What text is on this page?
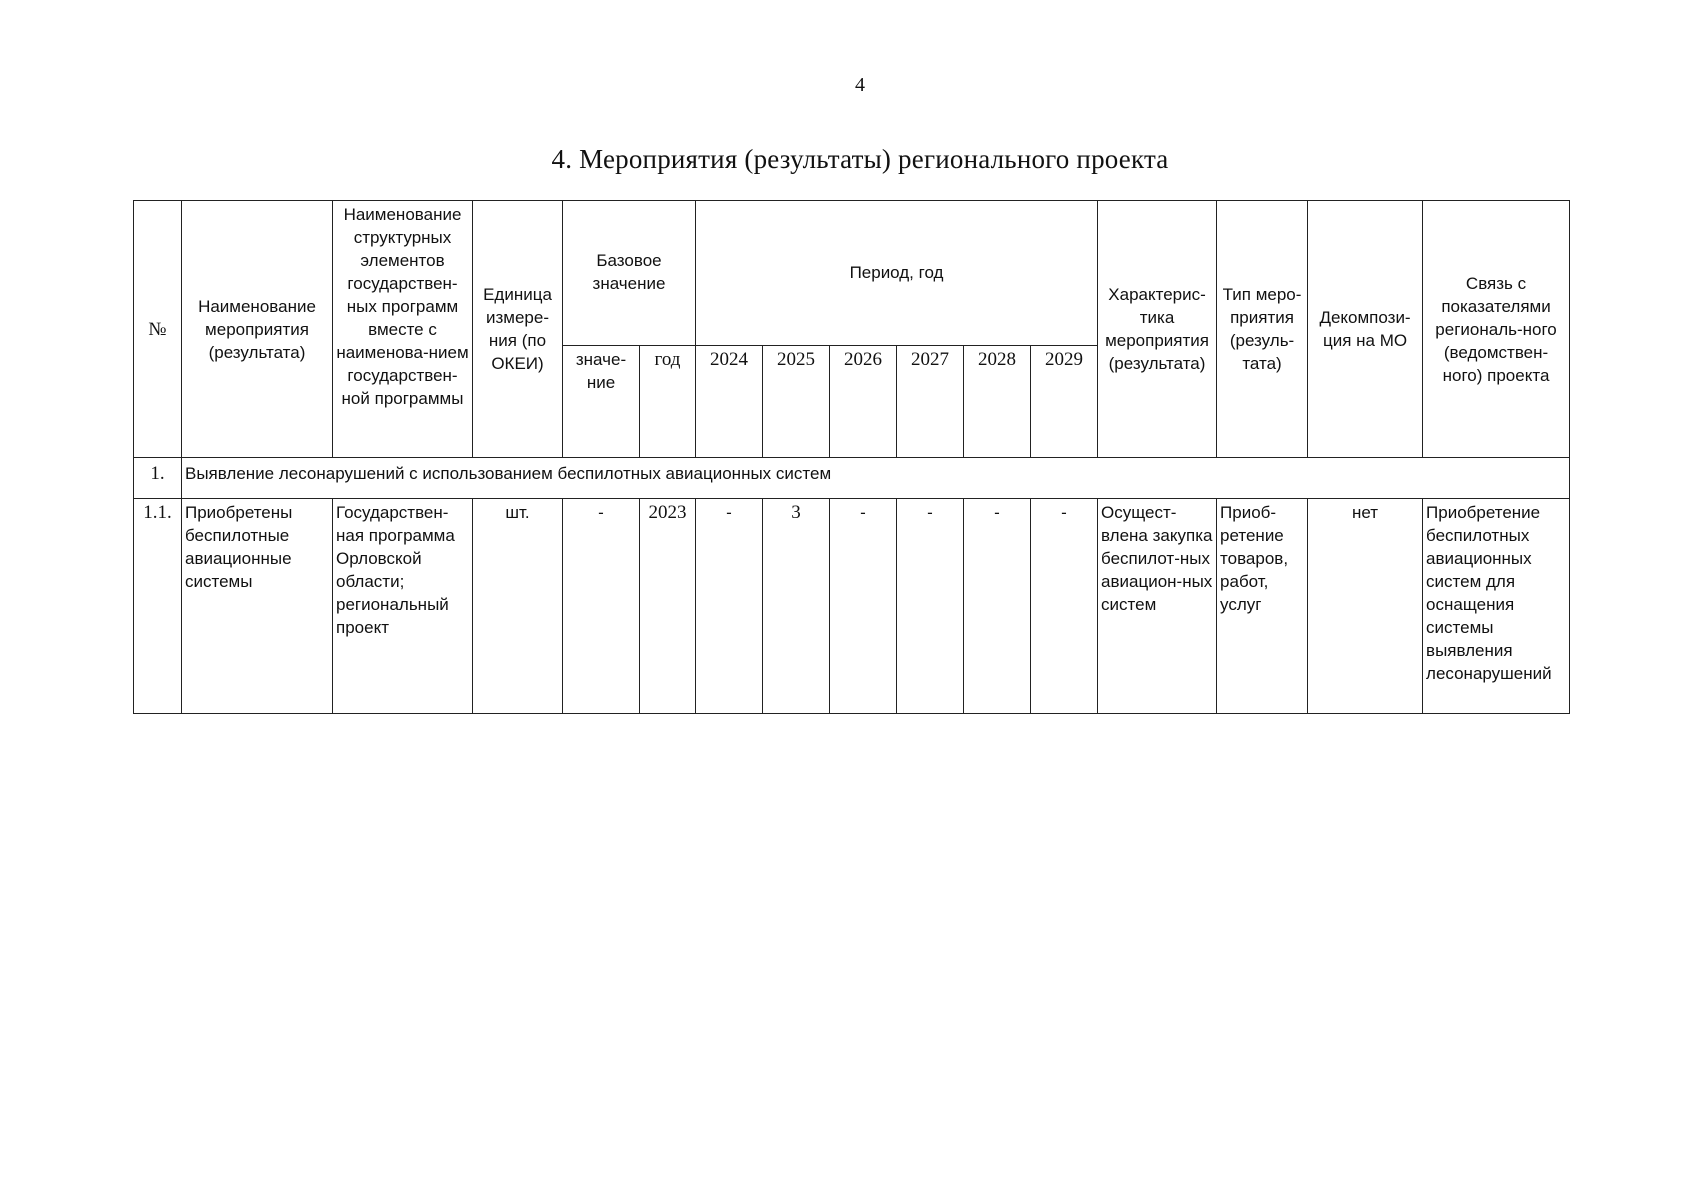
4
4. Мероприятия (результаты) регионального проекта
№	Наименование мероприятия (результата)	Наименование структурных элементов государствен-ных программ вместе с наименова-нием государствен-ной программы	Единица измере-ния (по ОКЕИ)	Базовое значение		Период, год						Характерис-тика мероприятия (результата)	Тип меро-приятия (резуль-тата)	Декомпози-ция на МО	Связь с показателями региональ-ного (ведомствен-ного) проекта
				значе-ние	год	2024	2025	2026	2027	2028	2029				
1.	Выявление лесонарушений с использованием беспилотных авиационных систем														
1.1.	Приобретены беспилотные авиационные системы	Государствен-ная программа Орловской области; региональный проект	шт.	-	2023	-	3	-	-	-	-	Осущест-влена закупка беспилот-ных авиацион-ных систем	Приоб-ретение товаров, работ, услуг	нет	Приобретение беспилотных авиационных систем для оснащения системы выявления лесонарушений
